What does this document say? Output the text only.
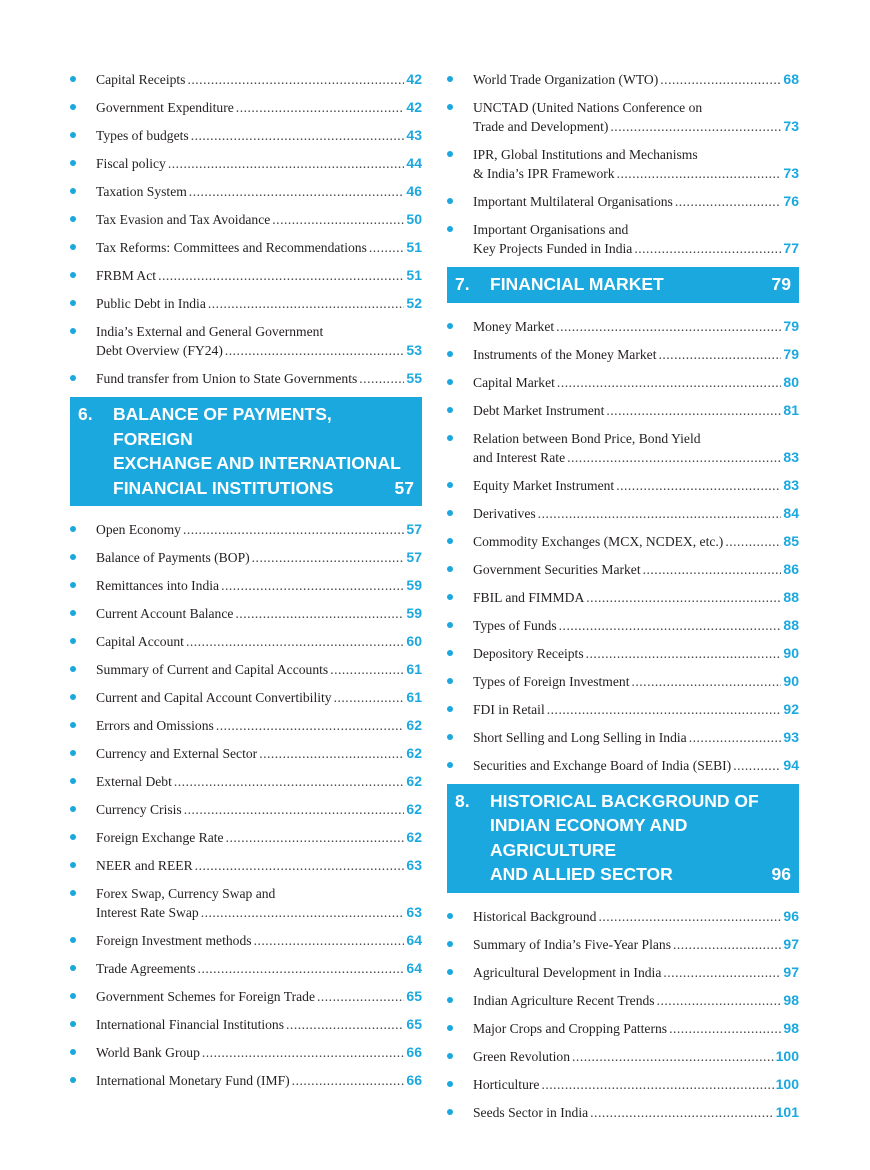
Capital Receipts .....	42
Government Expenditure .....	42
Types of budgets .....	43
Fiscal policy .....	44
Taxation System .....	46
Tax Evasion and Tax Avoidance .....	50
Tax Reforms: Committees and Recommendations .....	51
FRBM Act .....	51
Public Debt in India .....	52
India’s External and General Government
Debt Overview (FY24) .....	53
Fund transfer from Union to State Governments .....	55
6.	BALANCE OF PAYMENTS, FOREIGN
EXCHANGE AND INTERNATIONAL
FINANCIAL INSTITUTIONS	57
Open Economy .....	57
Balance of Payments (BOP) .....	57
Remittances into India .....	59
Current Account Balance .....	59
Capital Account .....	60
Summary of Current and Capital Accounts .....	61
Current and Capital Account Convertibility .....	61
Errors and Omissions .....	62
Currency and External Sector .....	62
External Debt .....	62
Currency Crisis .....	62
Foreign Exchange Rate .....	62
NEER and REER .....	63
Forex Swap, Currency Swap and
Interest Rate Swap .....	63
Foreign Investment methods .....	64
Trade Agreements .....	64
Government Schemes for Foreign Trade .....	65
International Financial Institutions .....	65
World Bank Group .....	66
International Monetary Fund (IMF) .....	66
World Trade Organization (WTO) .....	68
UNCTAD (United Nations Conference on
Trade and Development) .....	73
IPR, Global Institutions and Mechanisms
& India’s IPR Framework .....	73
Important Multilateral Organisations .....	76
Important Organisations and
Key Projects Funded in India .....	77
7.	FINANCIAL MARKET	79
Money Market .....	79
Instruments of the Money Market .....	79
Capital Market .....	80
Debt Market Instrument .....	81
Relation between Bond Price, Bond Yield
and Interest Rate .....	83
Equity Market Instrument .....	83
Derivatives .....	84
Commodity Exchanges (MCX, NCDEX, etc.) .....	85
Government Securities Market .....	86
FBIL and FIMMDA .....	88
Types of Funds .....	88
Depository Receipts .....	90
Types of Foreign Investment .....	90
FDI in Retail .....	92
Short Selling and Long Selling in India .....	93
Securities and Exchange Board of India (SEBI) .....	94
8.	HISTORICAL BACKGROUND OF
INDIAN ECONOMY AND AGRICULTURE
AND ALLIED SECTOR	96
Historical Background .....	96
Summary of India’s Five-Year Plans .....	97
Agricultural Development in India .....	97
Indian Agriculture Recent Trends .....	98
Major Crops and Cropping Patterns .....	98
Green Revolution .....	100
Horticulture .....	100
Seeds Sector in India .....	101
